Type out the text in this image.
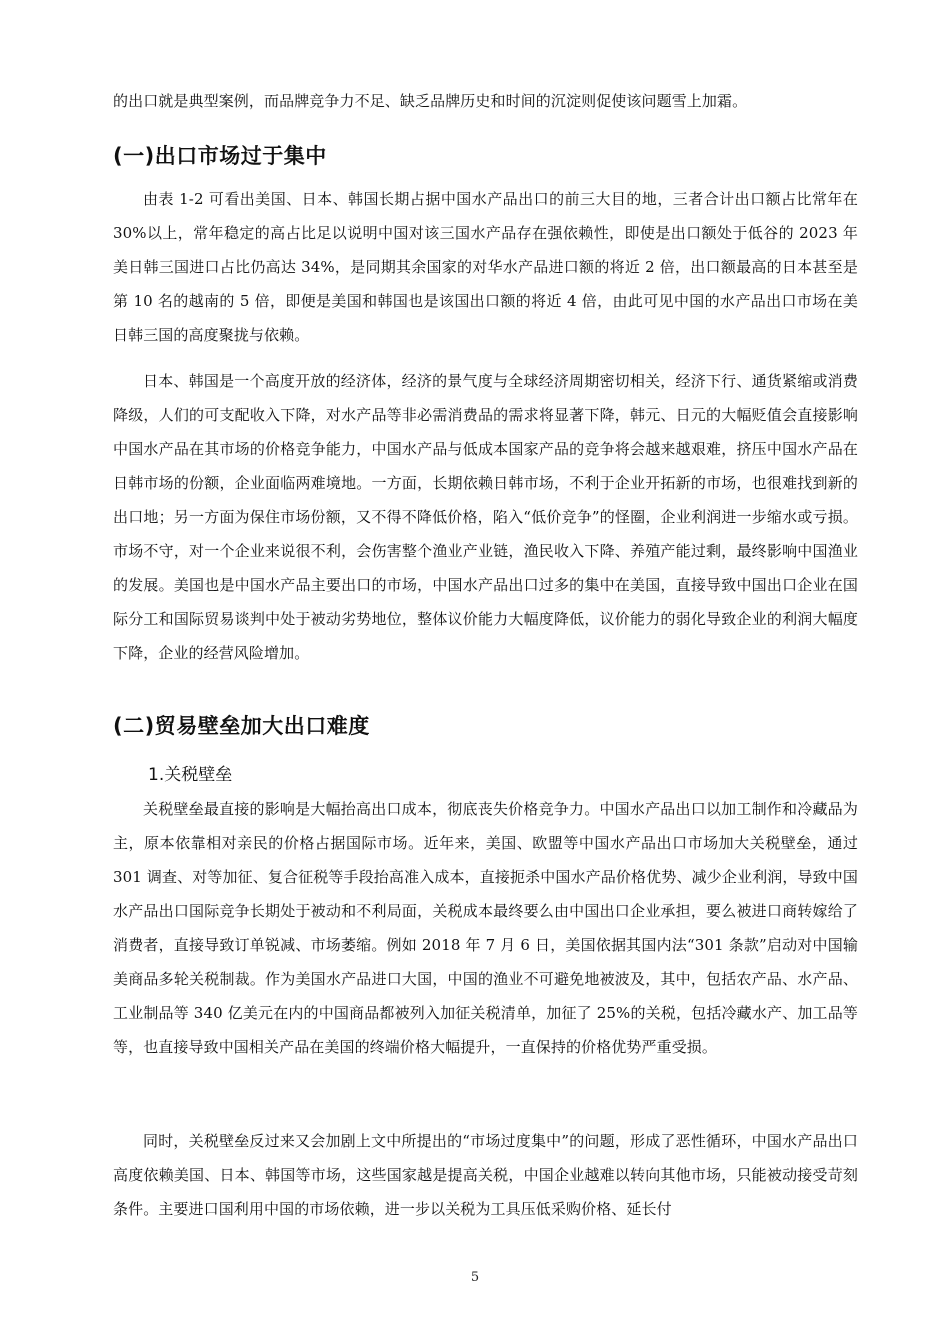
的出口就是典型案例，而品牌竞争力不足、缺乏品牌历史和时间的沉淀则促使该问题雪上加霜。

(一)出口市场过于集中

由表 1-2 可看出美国、日本、韩国长期占据中国水产品出口的前三大目的地，三者合计出口额占比常年在 30%以上，常年稳定的高占比足以说明中国对该三国水产品存在强依赖性，即使是出口额处于低谷的 2023 年美日韩三国进口占比仍高达 34%，是同期其余国家的对华水产品进口额的将近 2 倍，出口额最高的日本甚至是第 10 名的越南的 5 倍，即便是美国和韩国也是该国出口额的将近 4 倍，由此可见中国的水产品出口市场在美日韩三国的高度聚拢与依赖。

日本、韩国是一个高度开放的经济体，经济的景气度与全球经济周期密切相关，经济下行、通货紧缩或消费降级，人们的可支配收入下降，对水产品等非必需消费品的需求将显著下降，韩元、日元的大幅贬值会直接影响中国水产品在其市场的价格竞争能力，中国水产品与低成本国家产品的竞争将会越来越艰难，挤压中国水产品在日韩市场的份额，企业面临两难境地。一方面，长期依赖日韩市场，不利于企业开拓新的市场，也很难找到新的出口地；另一方面为保住市场份额，又不得不降低价格，陷入“低价竞争”的怪圈，企业利润进一步缩水或亏损。市场不守，对一个企业来说很不利，会伤害整个渔业产业链，渔民收入下降、养殖产能过剩，最终影响中国渔业的发展。美国也是中国水产品主要出口的市场，中国水产品出口过多的集中在美国，直接导致中国出口企业在国际分工和国际贸易谈判中处于被动劣势地位，整体议价能力大幅度降低，议价能力的弱化导致企业的利润大幅度下降，企业的经营风险增加。

(二)贸易壁垒加大出口难度
1.关税壁垒

关税壁垒最直接的影响是大幅抬高出口成本，彻底丧失价格竞争力。中国水产品出口以加工制作和冷藏品为主，原本依靠相对亲民的价格占据国际市场。近年来，美国、欧盟等中国水产品出口市场加大关税壁垒，通过 301 调查、对等加征、复合征税等手段抬高准入成本，直接扼杀中国水产品价格优势、减少企业利润，导致中国水产品出口国际竞争长期处于被动和不利局面，关税成本最终要么由中国出口企业承担，要么被进口商转嫁给了消费者，直接导致订单锐减、市场萎缩。例如 2018 年 7 月 6 日，美国依据其国内法“301 条款”启动对中国输美商品多轮关税制裁。作为美国水产品进口大国，中国的渔业不可避免地被波及，其中，包括农产品、水产品、工业制品等 340 亿美元在内的中国商品都被列入加征关税清单，加征了 25%的关税，包括冷藏水产、加工品等等，也直接导致中国相关产品在美国的终端价格大幅提升，一直保持的价格优势严重受损。

同时，关税壁垒反过来又会加剧上文中所提出的“市场过度集中”的问题，形成了恶性循环，中国水产品出口高度依赖美国、日本、韩国等市场，这些国家越是提高关税，中国企业越难以转向其他市场，只能被动接受苛刻条件。主要进口国利用中国的市场依赖，进一步以关税为工具压低采购价格、延长付

5
